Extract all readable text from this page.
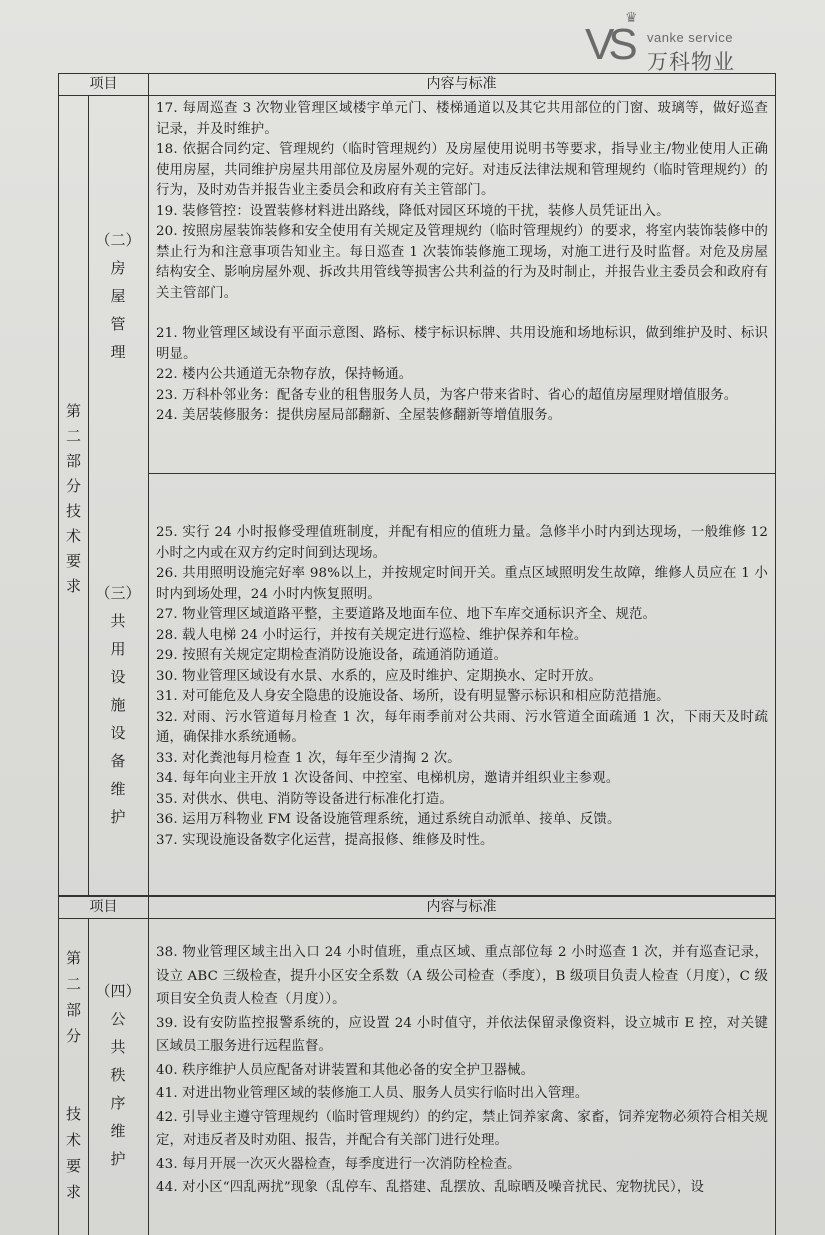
♛
VS	vanke service
万科物业
项目	内容与标准
第
二
部
分
技
术
要
求
（二）
房
屋
管
理

17. 每周巡查 3 次物业管理区域楼宇单元门、楼梯通道以及其它共用部位的门窗、玻璃等，做好巡查记录，并及时维护。

18. 依据合同约定、管理规约（临时管理规约）及房屋使用说明书等要求，指导业主/物业使用人正确使用房屋，共同维护房屋共用部位及房屋外观的完好。对违反法律法规和管理规约（临时管理规约）的行为，及时劝告并报告业主委员会和政府有关主管部门。

19. 装修管控：设置装修材料进出路线，降低对园区环境的干扰，装修人员凭证出入。

20. 按照房屋装饰装修和安全使用有关规定及管理规约（临时管理规约）的要求，将室内装饰装修中的禁止行为和注意事项告知业主。每日巡查 1 次装饰装修施工现场，对施工进行及时监督。对危及房屋结构安全、影响房屋外观、拆改共用管线等损害公共利益的行为及时制止，并报告业主委员会和政府有关主管部门。

21. 物业管理区域设有平面示意图、路标、楼宇标识标牌、共用设施和场地标识，做到维护及时、标识明显。

22. 楼内公共通道无杂物存放，保持畅通。

23. 万科朴邻业务：配备专业的租售服务人员，为客户带来省时、省心的超值房屋理财增值服务。

24. 美居装修服务：提供房屋局部翻新、全屋装修翻新等增值服务。

（三）
共
用
设
施
设
备
维
护

25. 实行 24 小时报修受理值班制度，并配有相应的值班力量。急修半小时内到达现场，一般维修 12 小时之内或在双方约定时间到达现场。

26. 共用照明设施完好率 98%以上，并按规定时间开关。重点区域照明发生故障，维修人员应在 1 小时内到场处理，24 小时内恢复照明。

27. 物业管理区域道路平整，主要道路及地面车位、地下车库交通标识齐全、规范。

28. 载人电梯 24 小时运行，并按有关规定进行巡检、维护保养和年检。

29. 按照有关规定定期检查消防设施设备，疏通消防通道。

30. 物业管理区域设有水景、水系的，应及时维护、定期换水、定时开放。

31. 对可能危及人身安全隐患的设施设备、场所，设有明显警示标识和相应防范措施。

32. 对雨、污水管道每月检查 1 次，每年雨季前对公共雨、污水管道全面疏通 1 次，下雨天及时疏通，确保排水系统通畅。

33. 对化粪池每月检查 1 次，每年至少清掏 2 次。

34. 每年向业主开放 1 次设备间、中控室、电梯机房，邀请并组织业主参观。

35. 对供水、供电、消防等设备进行标准化打造。

36. 运用万科物业 FM 设备设施管理系统，通过系统自动派单、接单、反馈。

37. 实现设施设备数字化运营，提高报修、维修及时性。

项目	内容与标准
第
二
部
分
技
术
要
求
（四）
公
共
秩
序
维
护

38. 物业管理区域主出入口 24 小时值班，重点区域、重点部位每 2 小时巡查 1 次，并有巡查记录，设立 ABC 三级检查，提升小区安全系数（A 级公司检查（季度），B 级项目负责人检查（月度），C 级项目安全负责人检查（月度））。

39. 设有安防监控报警系统的，应设置 24 小时值守，并依法保留录像资料，设立城市 E 控，对关键区域员工服务进行远程监督。

40. 秩序维护人员应配备对讲装置和其他必备的安全护卫器械。

41. 对进出物业管理区域的装修施工人员、服务人员实行临时出入管理。

42. 引导业主遵守管理规约（临时管理规约）的约定，禁止饲养家禽、家畜，饲养宠物必须符合相关规定，对违反者及时劝阻、报告，并配合有关部门进行处理。

43. 每月开展一次灭火器检查，每季度进行一次消防栓检查。

44. 对小区“四乱两扰”现象（乱停车、乱搭建、乱摆放、乱晾晒及噪音扰民、宠物扰民），设
